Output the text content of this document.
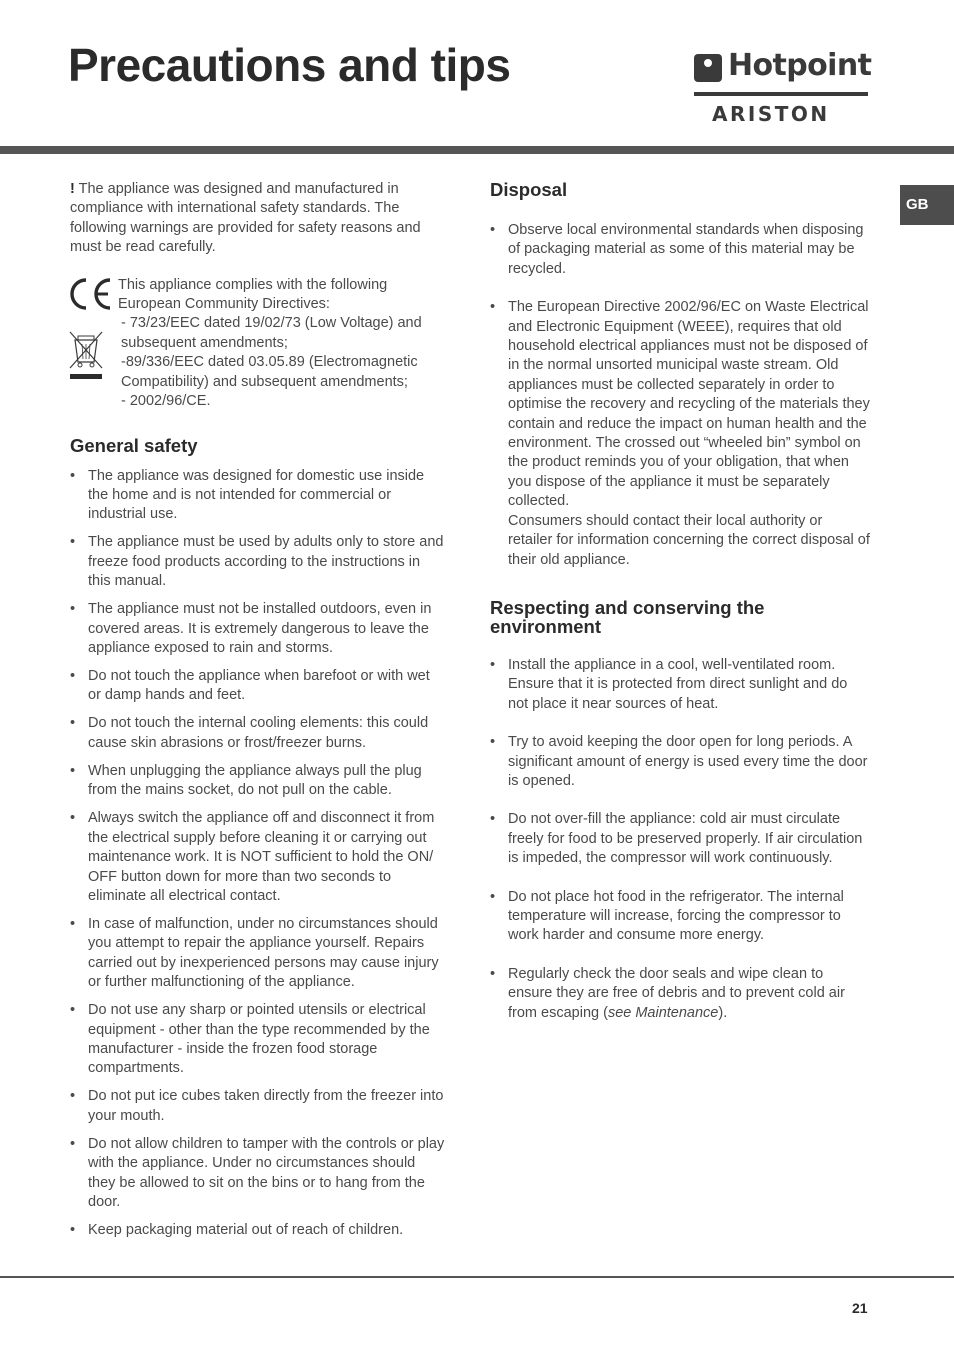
Precautions and tips	Hotpoint
ARISTON
GB

! The appliance was designed and manufactured in compliance with international safety standards. The following warnings are provided for safety reasons and must be read carefully.

This appliance complies with the following
European Community Directives:
- 73/23/EEC dated 19/02/73 (Low Voltage) and subsequent amendments;
-89/336/EEC dated 03.05.89 (Electromagnetic Compatibility) and subsequent amendments;
- 2002/96/CE.
General safety
• The appliance was designed for domestic use inside the home and is not intended for commercial or industrial use.
• The appliance must be used by adults only to store and freeze food products according to the instructions in this manual.
• The appliance must not be installed outdoors, even in covered areas. It is extremely dangerous to leave the appliance exposed to rain and storms.
• Do not touch the appliance when barefoot or with wet or damp hands and feet.
• Do not touch the internal cooling elements: this could cause skin abrasions or frost/freezer burns.
• When unplugging the appliance always pull the plug from the mains socket, do not pull on the cable.
• Always switch the appliance off and disconnect it from the electrical supply before cleaning it or carrying out maintenance work. It is NOT sufficient to hold the ON/ OFF button down for more than two seconds to eliminate all electrical contact.
• In case of malfunction, under no circumstances should you attempt to repair the appliance yourself. Repairs carried out by inexperienced persons may cause injury or further malfunctioning of the appliance.
• Do not use any sharp or pointed utensils or electrical equipment - other than the type recommended by the manufacturer - inside the frozen food storage compartments.
• Do not put ice cubes taken directly from the freezer into your mouth.
• Do not allow children to tamper with the controls or play with the appliance. Under no circumstances should they be allowed to sit on the bins or to hang from the door.
• Keep packaging material out of reach of children.
Disposal
• Observe local environmental standards when disposing of packaging material as some of this material may be recycled.
• The European Directive 2002/96/EC on Waste Electrical and Electronic Equipment (WEEE), requires that old household electrical appliances must not be disposed of in the normal unsorted municipal waste stream. Old appliances must be collected separately in order to optimise the recovery and recycling of the materials they contain and reduce the impact on human health and the environment. The crossed out “wheeled bin” symbol on the product reminds you of your obligation, that when you dispose of the appliance it must be separately collected.
Consumers should contact their local authority or retailer for information concerning the correct disposal of their old appliance.
Respecting and conserving the environment
• Install the appliance in a cool, well-ventilated room. Ensure that it is protected from direct sunlight and do not place it near sources of heat.
• Try to avoid keeping the door open for long periods. A significant amount of energy is used every time the door is opened.
• Do not over-fill the appliance: cold air must circulate freely for food to be preserved properly. If air circulation is impeded, the compressor will work continuously.
• Do not place hot food in the refrigerator. The internal temperature will increase, forcing the compressor to work harder and consume more energy.
• Regularly check the door seals and wipe clean to ensure they are free of debris and to prevent cold air from escaping (see Maintenance).
21
